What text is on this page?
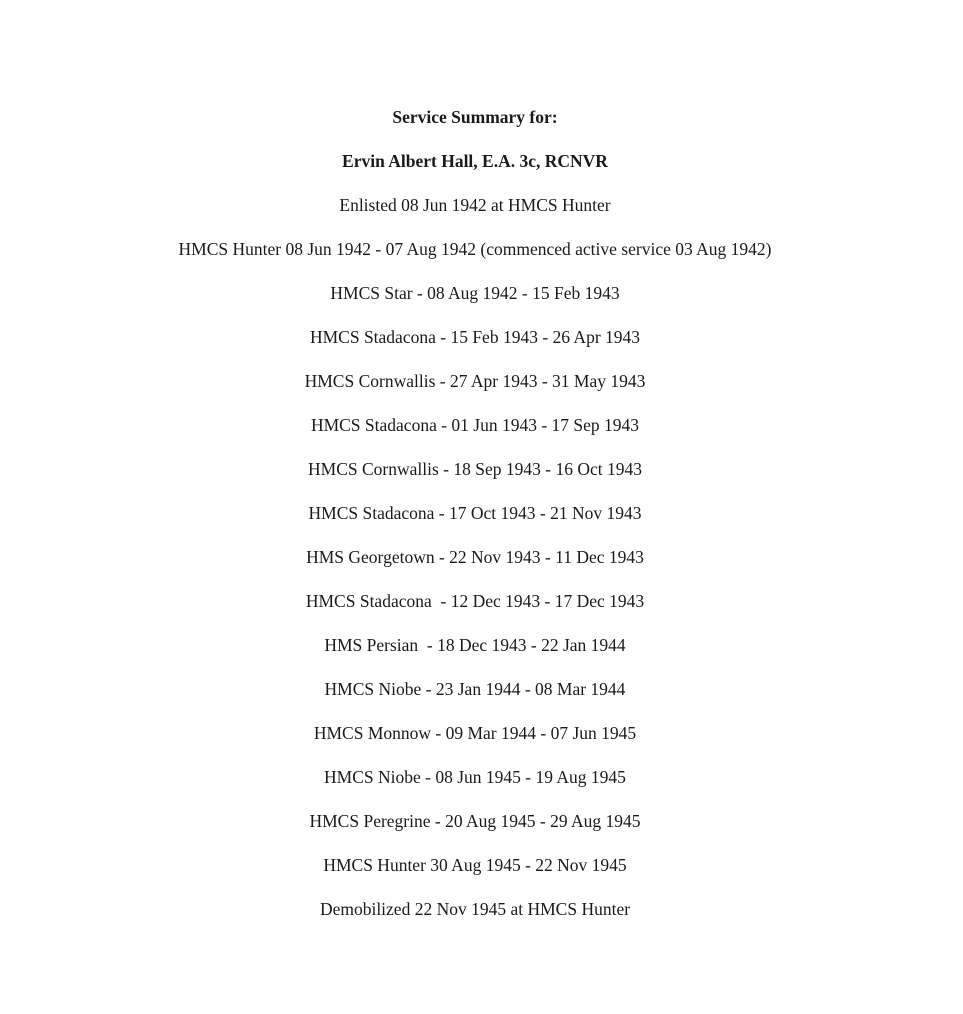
Service Summary for:

Ervin Albert Hall, E.A. 3c, RCNVR

Enlisted 08 Jun 1942 at HMCS Hunter

HMCS Hunter 08 Jun 1942 - 07 Aug 1942 (commenced active service 03 Aug 1942)

HMCS Star - 08 Aug 1942 - 15 Feb 1943

HMCS Stadacona - 15 Feb 1943 - 26 Apr 1943

HMCS Cornwallis - 27 Apr 1943 - 31 May 1943

HMCS Stadacona - 01 Jun 1943 - 17 Sep 1943

HMCS Cornwallis - 18 Sep 1943 - 16 Oct 1943

HMCS Stadacona - 17 Oct 1943 - 21 Nov 1943

HMS Georgetown - 22 Nov 1943 - 11 Dec 1943

HMCS Stadacona  - 12 Dec 1943 - 17 Dec 1943

HMS Persian  - 18 Dec 1943 - 22 Jan 1944

HMCS Niobe - 23 Jan 1944 - 08 Mar 1944

HMCS Monnow - 09 Mar 1944 - 07 Jun 1945

HMCS Niobe - 08 Jun 1945 - 19 Aug 1945

HMCS Peregrine - 20 Aug 1945 - 29 Aug 1945

HMCS Hunter 30 Aug 1945 - 22 Nov 1945

Demobilized 22 Nov 1945 at HMCS Hunter
